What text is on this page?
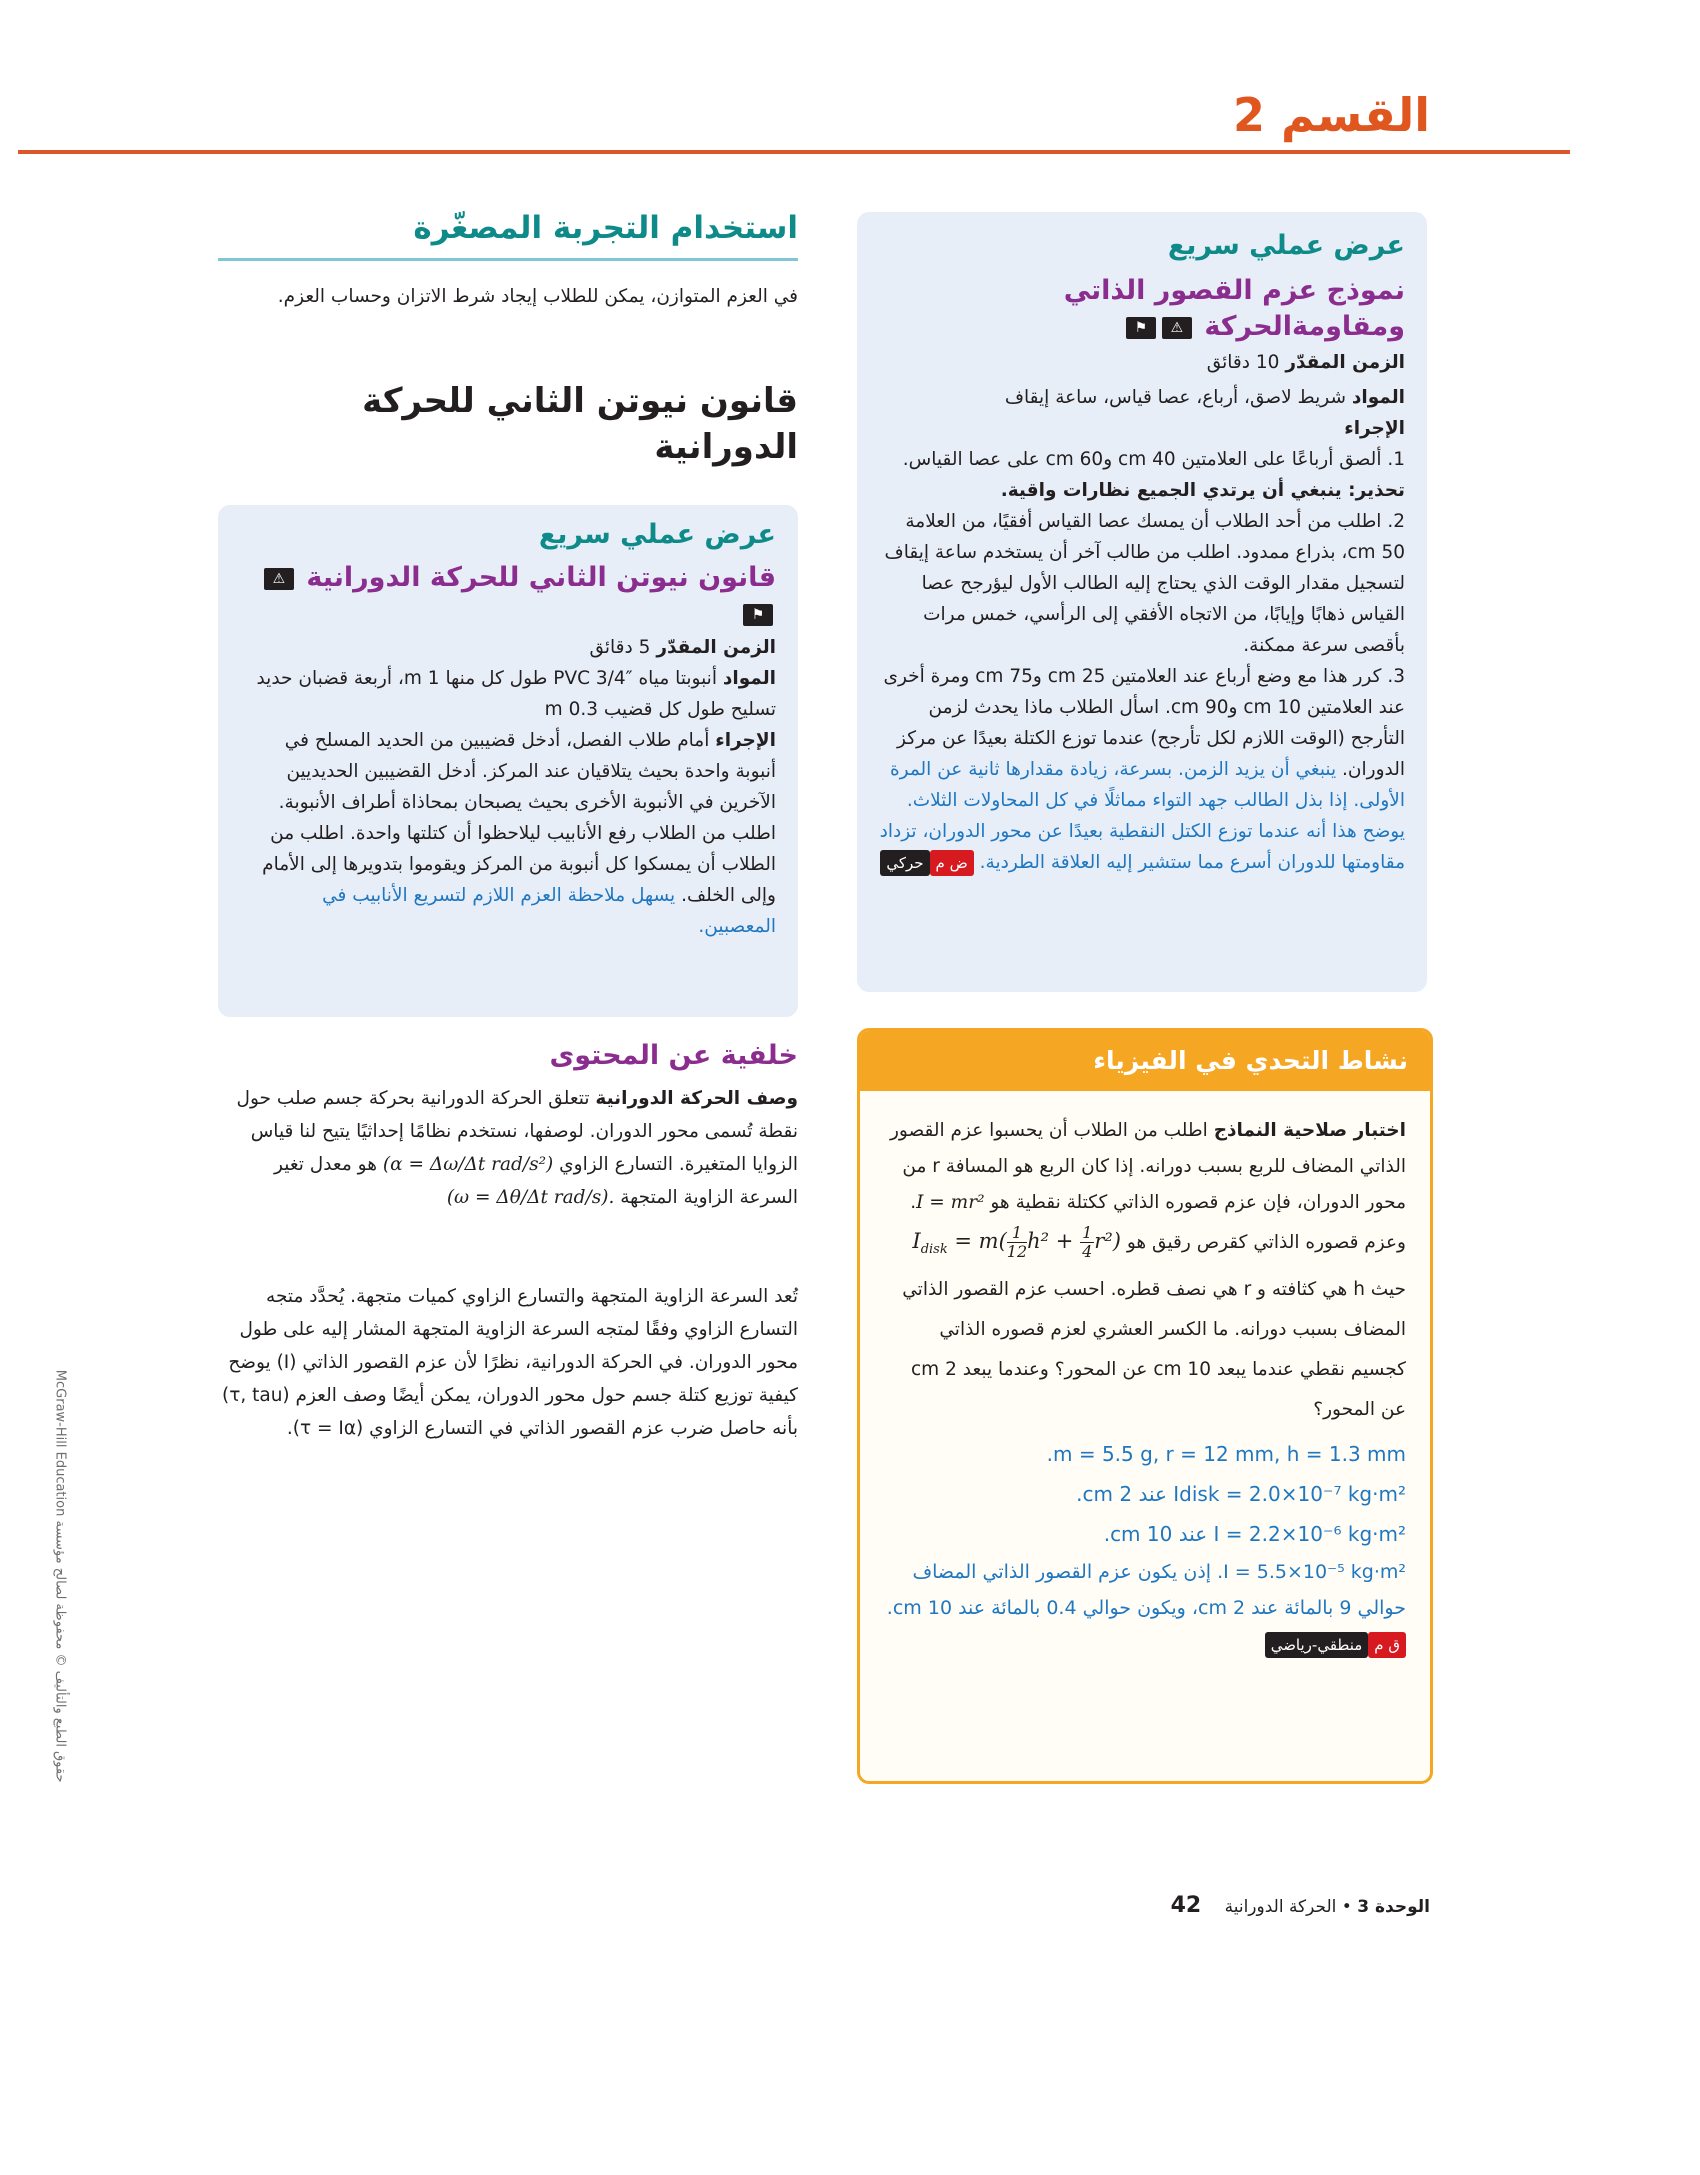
القسم 2
عرض عملي سريع
نموذج عزم القصور الذاتي ومقاومةالحركة ⚠⚑
الزمن المقدّر 10 دقائق
المواد شريط لاصق، أرباع، عصا قياس، ساعة إيقاف
الإجراء
1. ألصق أرباعًا على العلامتين 40 cm و60 cm على عصا القياس. تحذير: ينبغي أن يرتدي الجميع نظارات واقية.
2. اطلب من أحد الطلاب أن يمسك عصا القياس أفقيًا، من العلامة 50 cm، بذراع ممدود. اطلب من طالب آخر أن يستخدم ساعة إيقاف لتسجيل مقدار الوقت الذي يحتاج إليه الطالب الأول ليؤرجح عصا القياس ذهابًا وإيابًا، من الاتجاه الأفقي إلى الرأسي، خمس مرات بأقصى سرعة ممكنة.
3. كرر هذا مع وضع أرباع عند العلامتين 25 cm و75 cm ومرة أخرى عند العلامتين 10 cm و90 cm. اسأل الطلاب ماذا يحدث لزمن التأرجح (الوقت اللازم لكل تأرجح) عندما توزع الكتلة بعيدًا عن مركز الدوران. ينبغي أن يزيد الزمن. بسرعة، زيادة مقدارها ثانية عن المرة الأولى. إذا بذل الطالب جهد التواء مماثلًا في كل المحاولات الثلاث. يوضح هذا أنه عندما توزع الكتل النقطية بعيدًا عن محور الدوران، تزداد مقاومتها للدوران أسرع مما ستشير إليه العلاقة الطردية. ض محركي
نشاط التحدي في الفيزياء
اختبار صلاحية النماذج اطلب من الطلاب أن يحسبوا عزم القصور الذاتي المضاف للربع بسبب دورانه. إذا كان الربع هو المسافة r من محور الدوران، فإن عزم قصوره الذاتي ككتلة نقطية هو I = mr².
وعزم قصوره الذاتي كقرص رقيق هو $I_{disk} = m( \frac{1}{12} h^2 + \frac{1}{4} r^2)$ حيث h هي كثافته و r هي نصف قطره. احسب عزم القصور الذاتي المضاف بسبب دورانه. ما الكسر العشري لعزم قصوره الذاتي كجسيم نقطي عندما يبعد 10 cm عن المحور؟ وعندما يبعد 2 cm عن المحور؟
m = 5.5 g, r = 12 mm, h = 1.3 mm.
Idisk = 2.0×10⁻⁷ kg·m² عند 2 cm.
I = 2.2×10⁻⁶ kg·m² عند 10 cm.
I = 5.5×10⁻⁵ kg·m². إذن يكون عزم القصور الذاتي المضاف حوالي 9 بالمائة عند 2 cm، ويكون حوالي 0.4 بالمائة عند 10 cm. ق ممنطقي-رياضي
استخدام التجربة المصغّرة
في العزم المتوازن، يمكن للطلاب إيجاد شرط الاتزان وحساب العزم.
قانون نيوتن الثاني للحركة الدورانية
عرض عملي سريع
قانون نيوتن الثاني للحركة الدورانية ⚠⚑
الزمن المقدّر 5 دقائق
المواد أنبوبتا مياه PVC 3/4″ طول كل منها 1 m، أربعة قضبان حديد تسليح طول كل قضيب 0.3 m
الإجراء أمام طلاب الفصل، أدخل قضيبين من الحديد المسلح في أنبوبة واحدة بحيث يتلاقيان عند المركز. أدخل القضيبين الحديديين الآخرين في الأنبوبة الأخرى بحيث يصبحان بمحاذاة أطراف الأنبوبة. اطلب من الطلاب رفع الأنابيب ليلاحظوا أن كتلتها واحدة. اطلب من الطلاب أن يمسكوا كل أنبوبة من المركز ويقوموا بتدويرها إلى الأمام وإلى الخلف. يسهل ملاحظة العزم اللازم لتسريع الأنابيب في المعصبين.
خلفية عن المحتوى
وصف الحركة الدورانية تتعلق الحركة الدورانية بحركة جسم صلب حول نقطة تُسمى محور الدوران. لوصفها، نستخدم نظامًا إحداثيًا يتيح لنا قياس الزوايا المتغيرة. التسارع الزاوي (α = Δω/Δt rad/s²) هو معدل تغير السرعة الزاوية المتجهة (ω = Δθ/Δt rad/s).
تُعد السرعة الزاوية المتجهة والتسارع الزاوي كميات متجهة. يُحدَّد متجه التسارع الزاوي وفقًا لمتجه السرعة الزاوية المتجهة المشار إليه على طول محور الدوران. في الحركة الدورانية، نظرًا لأن عزم القصور الذاتي (I) يوضح كيفية توزيع كتلة جسم حول محور الدوران، يمكن أيضًا وصف العزم (τ, tau) بأنه حاصل ضرب عزم القصور الذاتي في التسارع الزاوي (τ = Iα).
حقوق الطبع والتأليف © محفوظة لصالح مؤسسة McGraw-Hill Education
الوحدة 3 • الحركة الدورانية 42
